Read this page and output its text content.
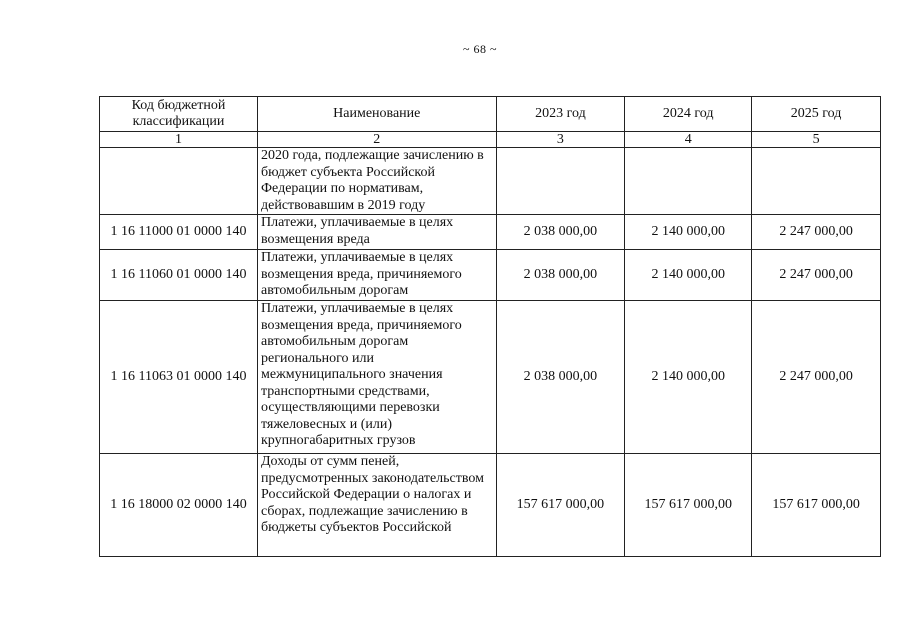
~ 68 ~
Код бюджетной классификации	Наименование	2023 год	2024 год	2025 год
1	2	3	4	5
	2020 года, подлежащие зачислению в бюджет субъекта Российской Федерации по нормативам, действовавшим в 2019 году			
1 16 11000 01 0000 140	Платежи, уплачиваемые в целях возмещения вреда	2 038 000,00	2 140 000,00	2 247 000,00
1 16 11060 01 0000 140	Платежи, уплачиваемые в целях возмещения вреда, причиняемого автомобильным дорогам	2 038 000,00	2 140 000,00	2 247 000,00
1 16 11063 01 0000 140	Платежи, уплачиваемые в целях возмещения вреда, причиняемого автомобильным дорогам регионального или межмуниципального значения транспортными средствами, осуществляющими перевозки тяжеловесных и (или) крупногабаритных грузов	2 038 000,00	2 140 000,00	2 247 000,00
1 16 18000 02 0000 140	Доходы от сумм пеней, предусмотренных законодательством Российской Федерации о налогах и сборах, подлежащие зачислению в бюджеты субъектов Российской	157 617 000,00	157 617 000,00	157 617 000,00
